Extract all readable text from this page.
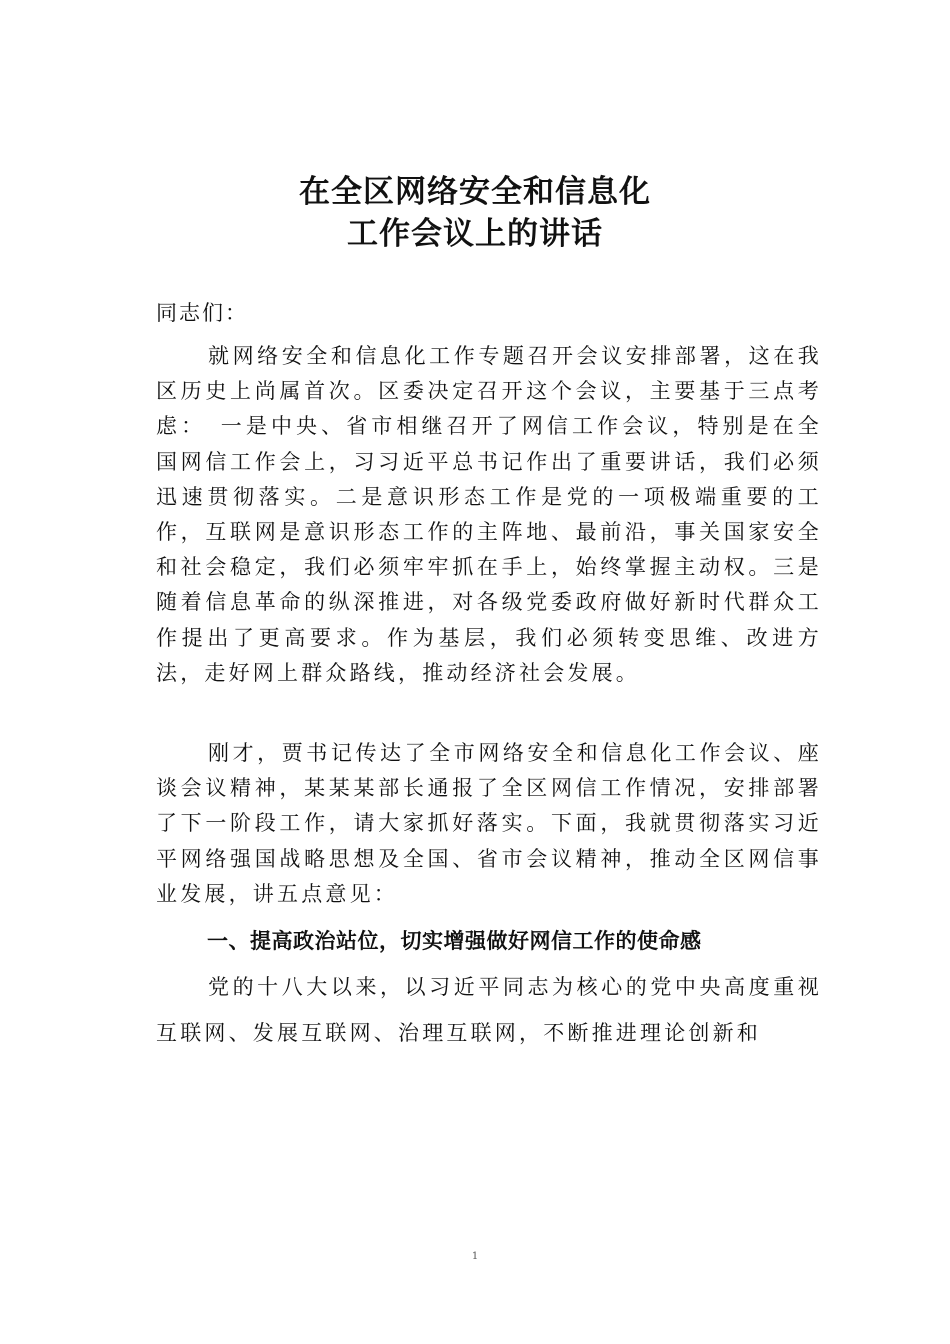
在全区网络安全和信息化
工作会议上的讲话
同志们：
就网络安全和信息化工作专题召开会议安排部署，这在我区历史上尚属首次。区委决定召开这个会议，主要基于三点考虑：　一是中央、省市相继召开了网信工作会议，特别是在全国网信工作会上，习习近平总书记作出了重要讲话，我们必须迅速贯彻落实。二是意识形态工作是党的一项极端重要的工作，互联网是意识形态工作的主阵地、最前沿，事关国家安全和社会稳定，我们必须牢牢抓在手上，始终掌握主动权。三是随着信息革命的纵深推进，对各级党委政府做好新时代群众工作提出了更高要求。作为基层，我们必须转变思维、改进方法，走好网上群众路线，推动经济社会发展。
刚才，贾书记传达了全市网络安全和信息化工作会议、座谈会议精神，某某某部长通报了全区网信工作情况，安排部署了下一阶段工作，请大家抓好落实。下面，我就贯彻落实习近平网络强国战略思想及全国、省市会议精神，推动全区网信事业发展，讲五点意见：
一、提高政治站位，切实增强做好网信工作的使命感
党的十八大以来，以习近平同志为核心的党中央高度重视互联网、发展互联网、治理互联网，不断推进理论创新和
1
